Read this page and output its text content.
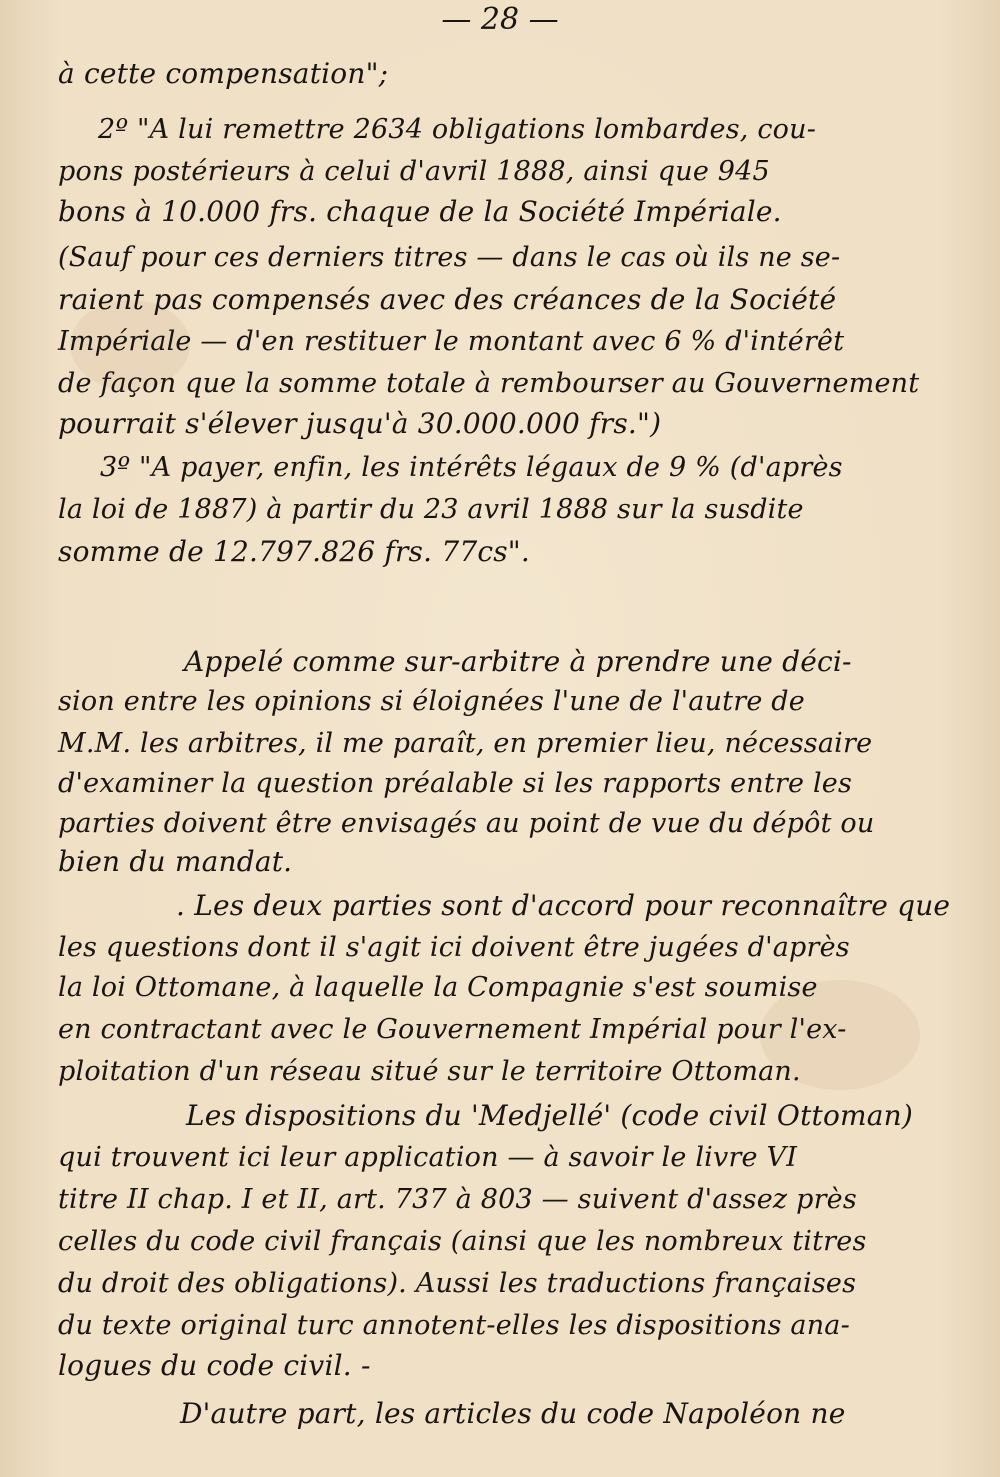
— 28 —
à cette compensation";
2º "A lui remettre 2634 obligations lombardes, cou-
pons postérieurs à celui d'avril 1888, ainsi que 945
bons à 10.000 frs. chaque de la Société Impériale.
(Sauf pour ces derniers titres — dans le cas où ils ne se-
raient pas compensés avec des créances de la Société
Impériale — d'en restituer le montant avec 6 % d'intérêt
de façon que la somme totale à rembourser au Gouvernement
pourrait s'élever jusqu'à 30.000.000 frs.")
3º "A payer, enfin, les intérêts légaux de 9 % (d'après
la loi de 1887) à partir du 23 avril 1888 sur la susdite
somme de 12.797.826 frs. 77cs".
Appelé comme sur-arbitre à prendre une déci-
sion entre les opinions si éloignées l'une de l'autre de
M.M. les arbitres, il me paraît, en premier lieu, nécessaire
d'examiner la question préalable si les rapports entre les
parties doivent être envisagés au point de vue du dépôt ou
bien du mandat.
. Les deux parties sont d'accord pour reconnaître que
les questions dont il s'agit ici doivent être jugées d'après
la loi Ottomane, à laquelle la Compagnie s'est soumise
en contractant avec le Gouvernement Impérial pour l'ex-
ploitation d'un réseau situé sur le territoire Ottoman.
Les dispositions du 'Medjellé' (code civil Ottoman)
qui trouvent ici leur application — à savoir le livre VI
titre II chap. I et II, art. 737 à 803 — suivent d'assez près
celles du code civil français (ainsi que les nombreux titres
du droit des obligations). Aussi les traductions françaises
du texte original turc annotent-elles les dispositions ana-
logues du code civil. -
D'autre part, les articles du code Napoléon ne
